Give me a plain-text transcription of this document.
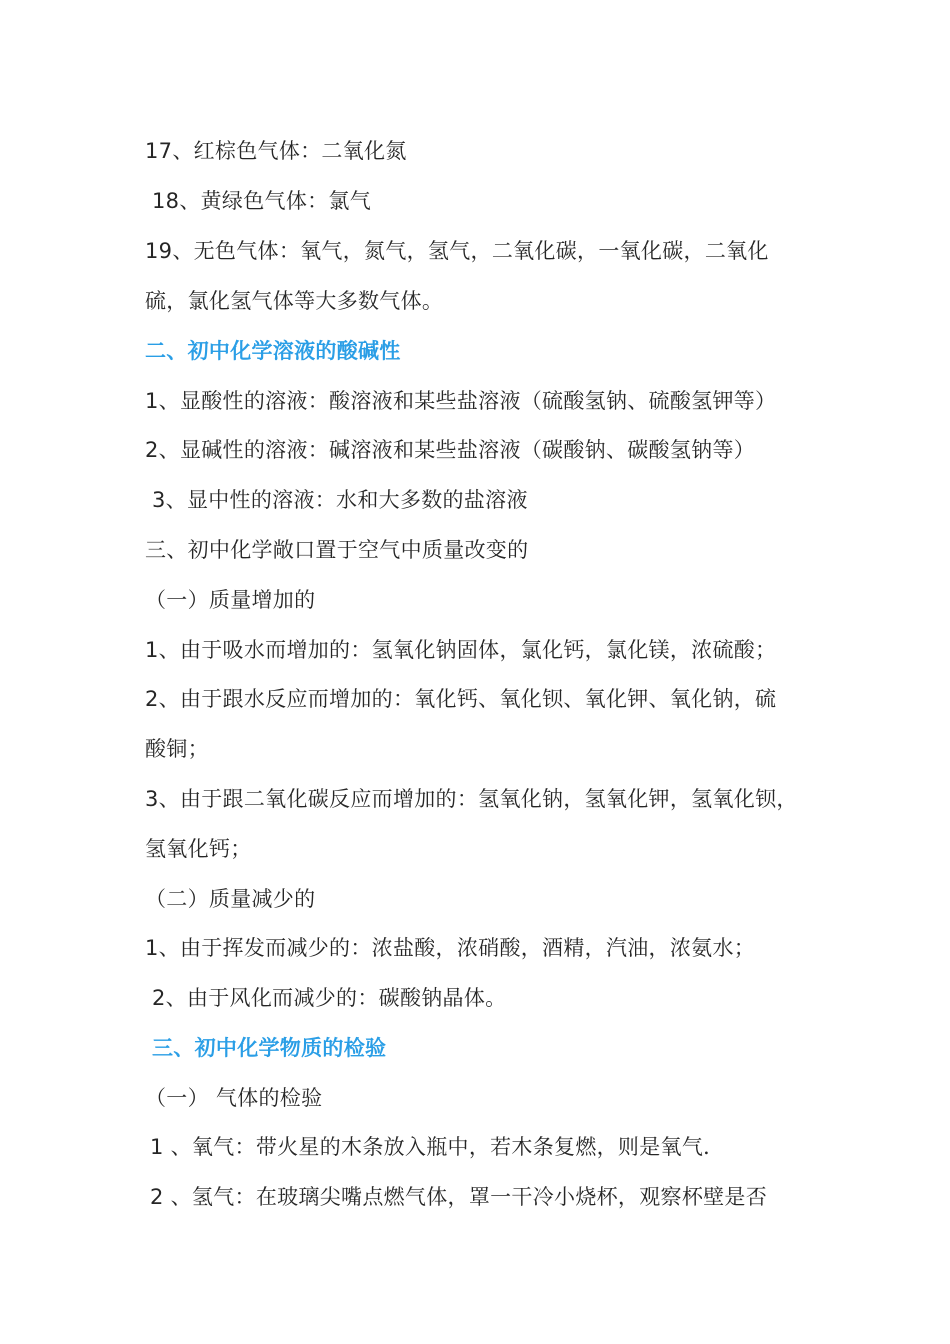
17、红棕色气体：二氧化氮
18、黄绿色气体：氯气
19、无色气体：氧气，氮气，氢气，二氧化碳，一氧化碳，二氧化
硫，氯化氢气体等大多数气体。
二、初中化学溶液的酸碱性
1、显酸性的溶液：酸溶液和某些盐溶液（硫酸氢钠、硫酸氢钾等）
2、显碱性的溶液：碱溶液和某些盐溶液（碳酸钠、碳酸氢钠等）
3、显中性的溶液：水和大多数的盐溶液
三、初中化学敞口置于空气中质量改变的
（一）质量增加的
1、由于吸水而增加的：氢氧化钠固体，氯化钙，氯化镁，浓硫酸；
2、由于跟水反应而增加的：氧化钙、氧化钡、氧化钾、氧化钠，硫
酸铜；
3、由于跟二氧化碳反应而增加的：氢氧化钠，氢氧化钾，氢氧化钡，
氢氧化钙；
（二）质量减少的
1、由于挥发而减少的：浓盐酸，浓硝酸，酒精，汽油，浓氨水；
2、由于风化而减少的：碳酸钠晶体。
三、初中化学物质的检验
（一） 气体的检验
1 、氧气：带火星的木条放入瓶中，若木条复燃，则是氧气．
2 、氢气：在玻璃尖嘴点燃气体，罩一干冷小烧杯，观察杯壁是否
